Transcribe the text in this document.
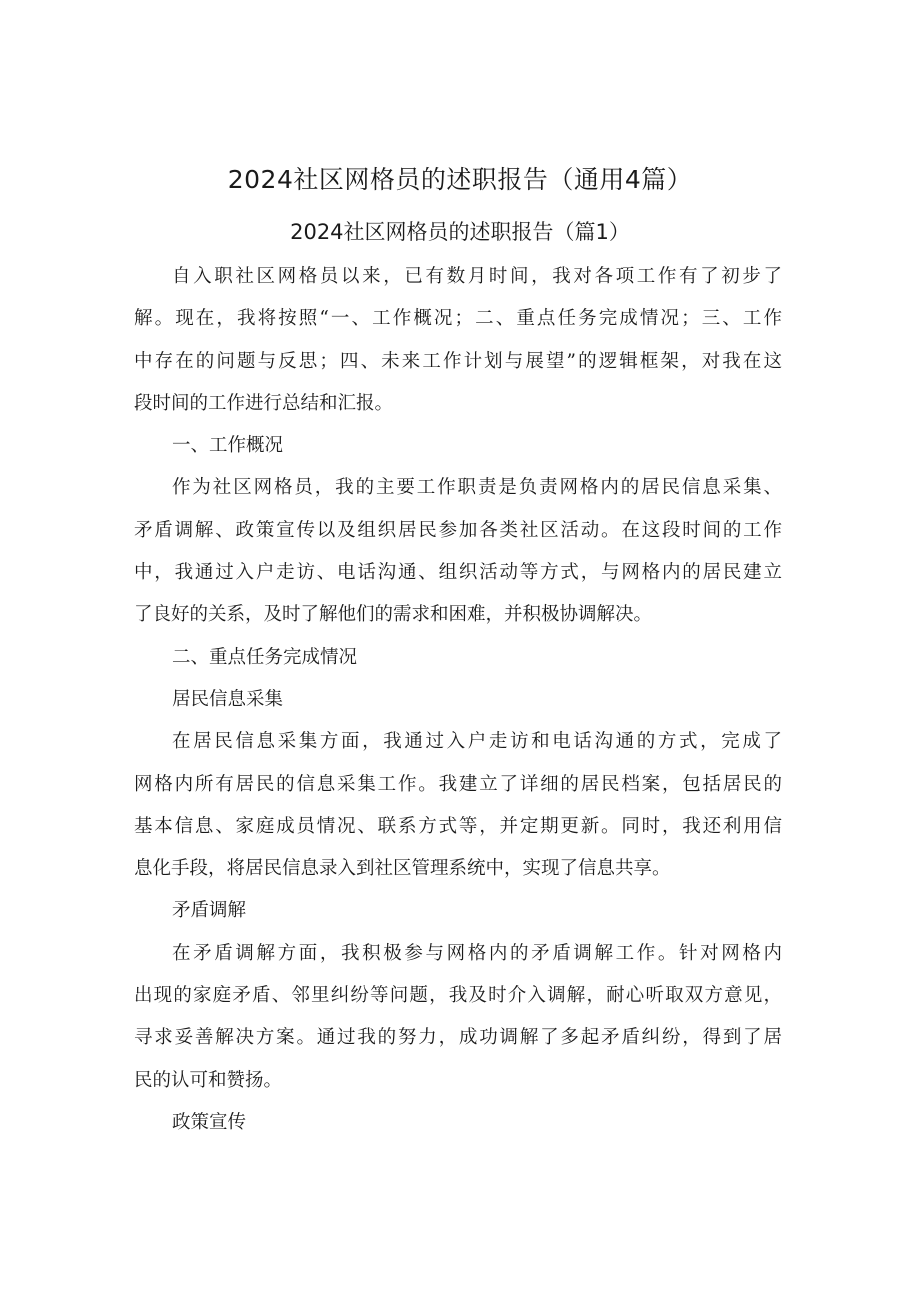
2024社区网格员的述职报告（通用4篇）
2024社区网格员的述职报告（篇1）
自入职社区网格员以来，已有数月时间，我对各项工作有了初步了
解。现在，我将按照“一、工作概况；二、重点任务完成情况；三、工作
中存在的问题与反思；四、未来工作计划与展望”的逻辑框架，对我在这
段时间的工作进行总结和汇报。
一、工作概况
作为社区网格员，我的主要工作职责是负责网格内的居民信息采集、
矛盾调解、政策宣传以及组织居民参加各类社区活动。在这段时间的工作
中，我通过入户走访、电话沟通、组织活动等方式，与网格内的居民建立
了良好的关系，及时了解他们的需求和困难，并积极协调解决。
二、重点任务完成情况
居民信息采集
在居民信息采集方面，我通过入户走访和电话沟通的方式，完成了
网格内所有居民的信息采集工作。我建立了详细的居民档案，包括居民的
基本信息、家庭成员情况、联系方式等，并定期更新。同时，我还利用信
息化手段，将居民信息录入到社区管理系统中，实现了信息共享。
矛盾调解
在矛盾调解方面，我积极参与网格内的矛盾调解工作。针对网格内
出现的家庭矛盾、邻里纠纷等问题，我及时介入调解，耐心听取双方意见，
寻求妥善解决方案。通过我的努力，成功调解了多起矛盾纠纷，得到了居
民的认可和赞扬。
政策宣传
